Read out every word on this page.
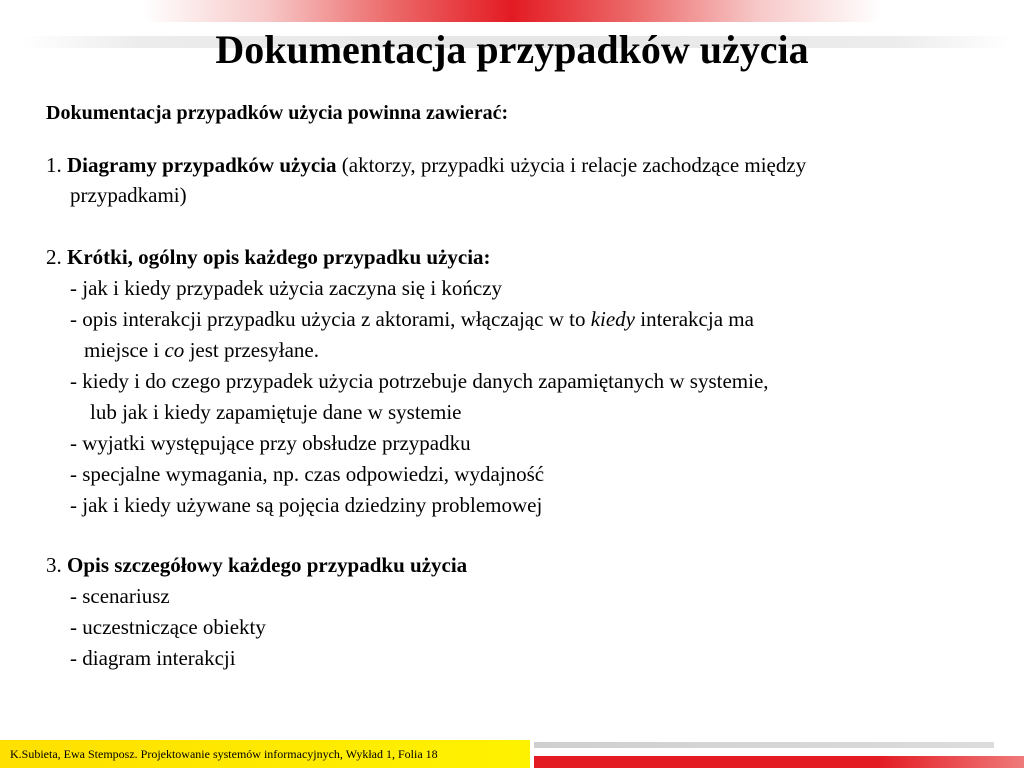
Dokumentacja przypadków użycia
Dokumentacja przypadków użycia powinna zawierać:
1. Diagramy przypadków użycia (aktorzy, przypadki użycia i relacje zachodzące między
przypadkami)
2. Krótki, ogólny opis każdego przypadku użycia:
- jak i kiedy przypadek użycia zaczyna się i kończy
- opis interakcji przypadku użycia z aktorami, włączając w to kiedy interakcja ma
miejsce i co jest przesyłane.
- kiedy i do czego przypadek użycia potrzebuje danych zapamiętanych w systemie,
lub jak i kiedy zapamiętuje dane w systemie
- wyjatki występujące przy obsłudze przypadku
- specjalne wymagania, np. czas odpowiedzi, wydajność
- jak i kiedy używane są pojęcia dziedziny problemowej
3. Opis szczegółowy każdego przypadku użycia
- scenariusz
- uczestniczące obiekty
- diagram interakcji
K.Subieta, Ewa Stemposz. Projektowanie systemów informacyjnych, Wykład 1, Folia 18
